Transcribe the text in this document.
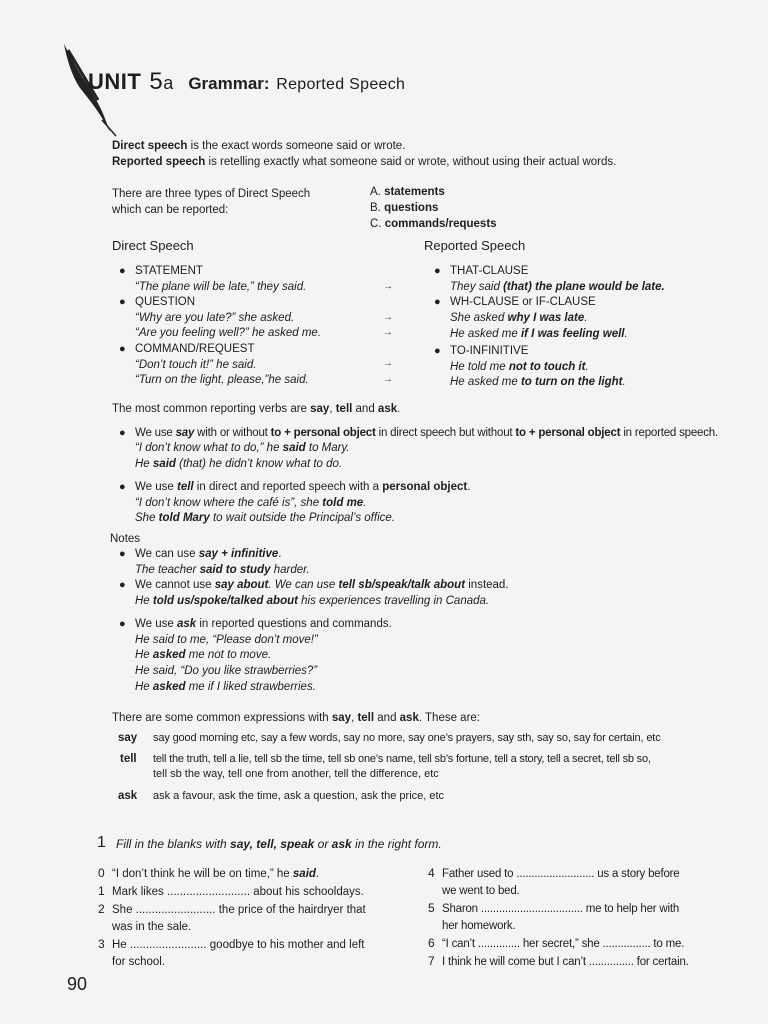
UNIT 5a Grammar: Reported Speech
Direct speech is the exact words someone said or wrote.
Reported speech is retelling exactly what someone said or wrote, without using their actual words.
There are three types of Direct Speech
which can be reported:
A. statements
B. questions
C. commands/requests
Direct Speech	Reported Speech
● STATEMENT
“The plane will be late,” they said.
● QUESTION
“Why are you late?” she asked.
“Are you feeling well?” he asked me.
● COMMAND/REQUEST
“Don’t touch it!” he said.
“Turn on the light, please,”he said.
→
→
→
→
→
● THAT-CLAUSE
They said (that) the plane would be late.
● WH-CLAUSE or IF-CLAUSE
She asked why I was late.
He asked me if I was feeling well.
● TO-INFINITIVE
He told me not to touch it.
He asked me to turn on the light.
The most common reporting verbs are say, tell and ask.
● We use say with or without to + personal object in direct speech but without to + personal object in reported speech.
“I don’t know what to do,” he said to Mary.
He said (that) he didn’t know what to do.
● We use tell in direct and reported speech with a personal object.
“I don’t know where the café is”, she told me.
She told Mary to wait outside the Principal’s office.
Notes
● We can use say + infinitive.
The teacher said to study harder.
● We cannot use say about. We can use tell sb/speak/talk about instead.
He told us/spoke/talked about his experiences travelling in Canada.
● We use ask in reported questions and commands.
He said to me, “Please don’t move!”
He asked me not to move.
He said, “Do you like strawberries?”
He asked me if I liked strawberries.
There are some common expressions with say, tell and ask. These are:
say say good morning etc, say a few words, say no more, say one’s prayers, say sth, say so, say for certain, etc
tell tell the truth, tell a lie, tell sb the time, tell sb one’s name, tell sb’s fortune, tell a story, tell a secret, tell sb so,
tell sb the way, tell one from another, tell the difference, etc
ask ask a favour, ask the time, ask a question, ask the price, etc
1 Fill in the blanks with say, tell, speak or ask in the right form.
0 “I don’t think he will be on time,” he said.
1 Mark likes .......................... about his schooldays.
2 She ......................... the price of the hairdryer that
was in the sale.
3 He ........................ goodbye to his mother and left
for school.
4 Father used to .......................... us a story before
we went to bed.
5 Sharon .................................. me to help her with
her homework.
6 “I can’t .............. her secret,” she ................ to me.
7 I think he will come but I can’t ............... for certain.
90
